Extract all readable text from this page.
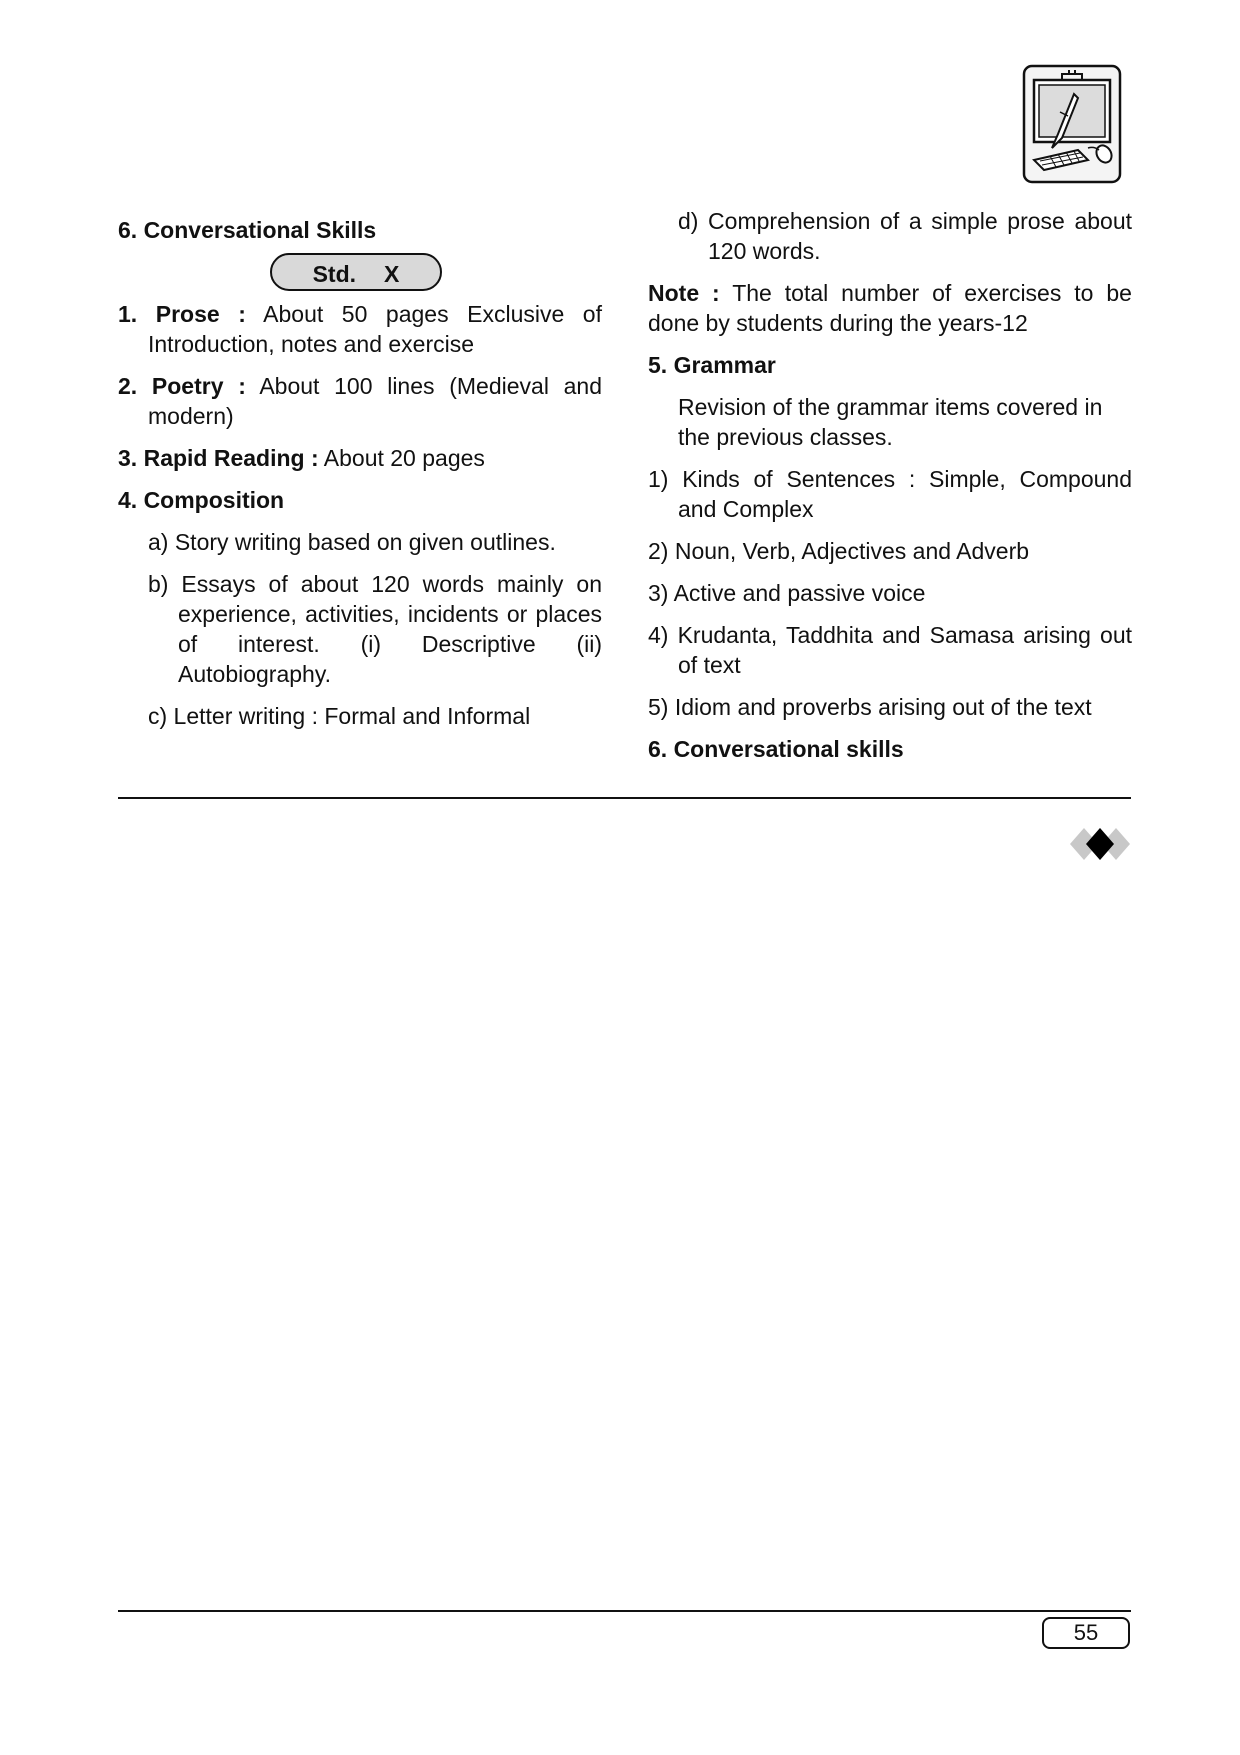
6. Conversational Skills

Std. X

1. Prose : About 50 pages Exclusive of Introduction, notes and exercise

2. Poetry : About 100 lines (Medieval and modern)

3. Rapid Reading : About 20 pages

4. Composition

a) Story writing based on given outlines.

b) Essays of about 120 words mainly on experience, activities, incidents or places of interest. (i) Descriptive (ii) Autobiography.

c) Letter writing : Formal and Informal

d) Comprehension of a simple prose about 120 words.

Note : The total number of exercises to be done by students during the years-12

5. Grammar

Revision of the grammar items covered in the previous classes.

1) Kinds of Sentences : Simple, Compound and Complex

2) Noun, Verb, Adjectives and Adverb

3) Active and passive voice

4) Krudanta, Taddhita and Samasa arising out of text

5) Idiom and proverbs arising out of the text

6. Conversational skills

55
